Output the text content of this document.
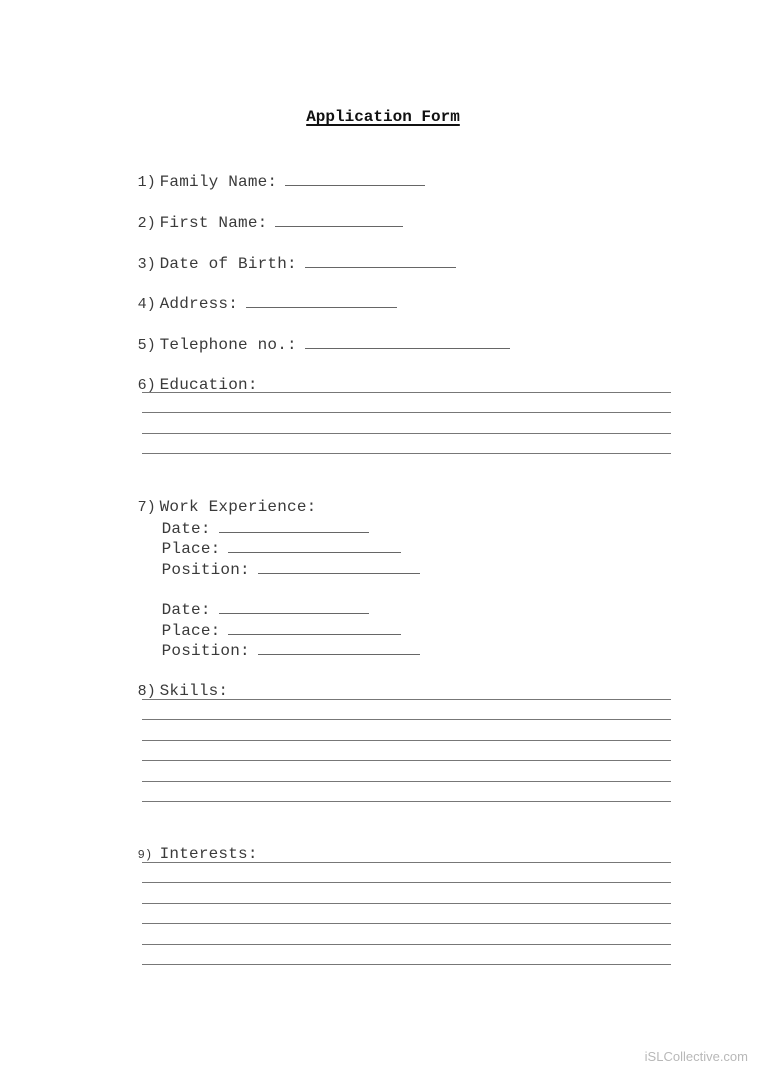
Application Form

1) Family Name:

2) First Name:

3) Date of Birth:

4) Address:

5) Telephone no.:

6) Education:

7) Work Experience:

Date:

Place:

Position:

Date:

Place:

Position:

8) Skills:

9) Interests:

iSLCollective.com
